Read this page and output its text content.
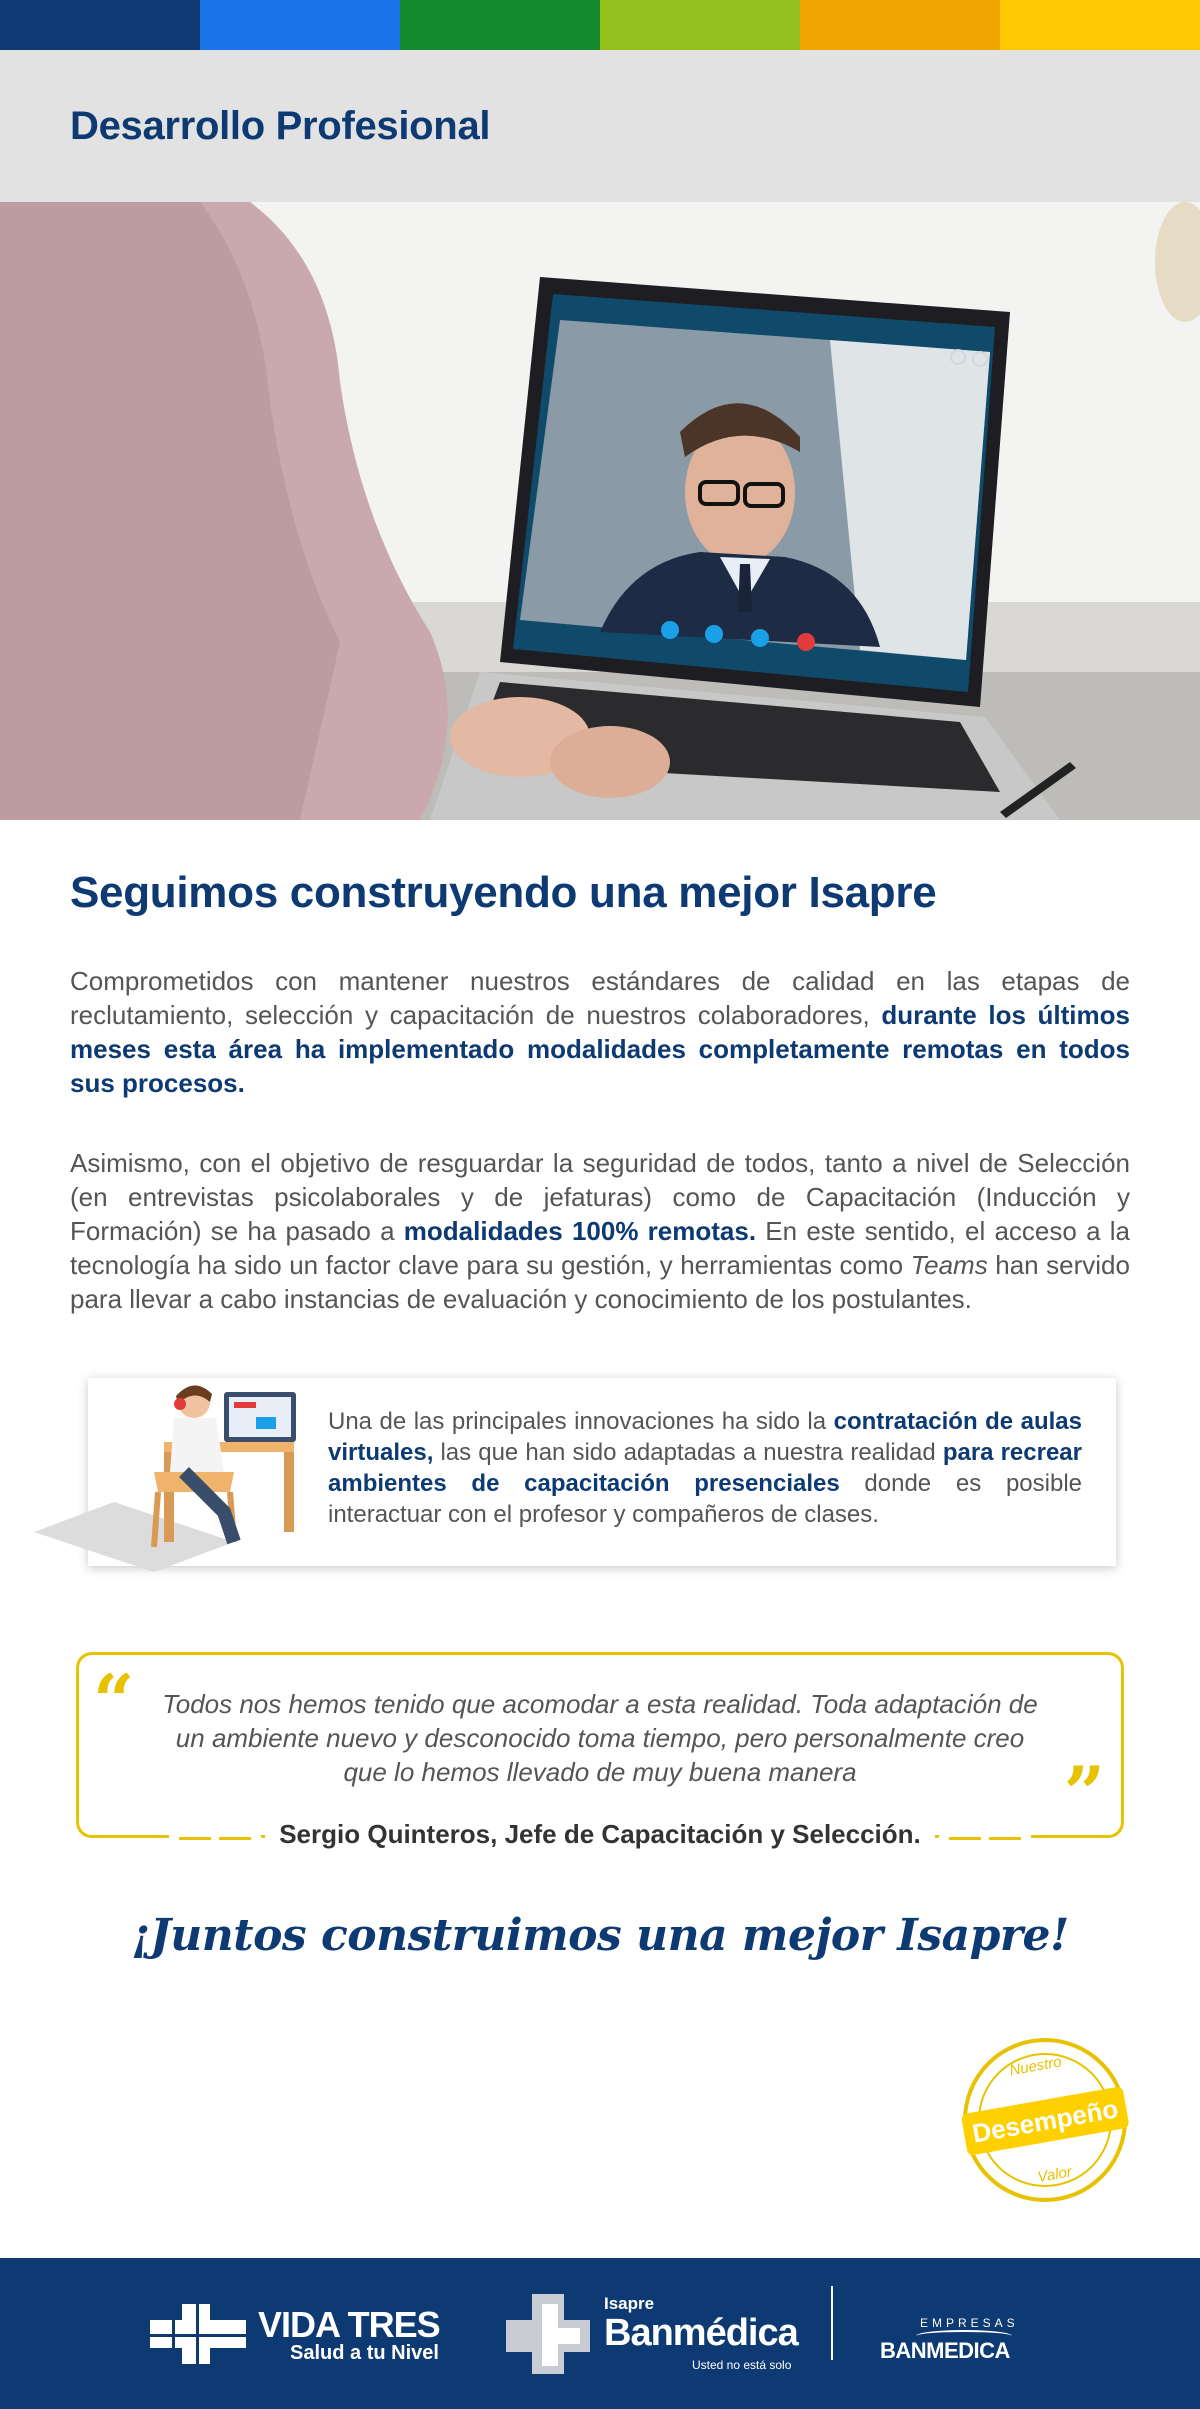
Desarrollo Profesional
Seguimos construyendo una mejor Isapre

Comprometidos con mantener nuestros estándares de calidad en las etapas de reclutamiento, selección y capacitación de nuestros colaboradores, durante los últimos meses esta área ha implementado modalidades completamente remotas en todos sus procesos.

Asimismo, con el objetivo de resguardar la seguridad de todos, tanto a nivel de Selección (en entrevistas psicolaborales y de jefaturas) como de Capacitación (Inducción y Formación) se ha pasado a modalidades 100% remotas. En este sentido, el acceso a la tecnología ha sido un factor clave para su gestión, y herramientas como Teams han servido para llevar a cabo instancias de evaluación y conocimiento de los postulantes.

Una de las principales innovaciones ha sido la contratación de aulas virtuales, las que han sido adaptadas a nuestra realidad para recrear ambientes de capacitación presenciales donde es posible interactuar con el profesor y compañeros de clases.
“ Todos nos hemos tenido que acomodar a esta realidad. Toda adaptación de un ambiente nuevo y desconocido toma tiempo, pero personalmente creo que lo hemos llevado de muy buena manera	”
Sergio Quinteros, Jefe de Capacitación y Selección.
¡Juntos construimos una mejor Isapre!
Nuestro
Desempeño
Valor
VIDA TRES
Salud a tu Nivel
Isapre
Banmédica
Usted no está solo
EMPRESAS
BANMEDICA
